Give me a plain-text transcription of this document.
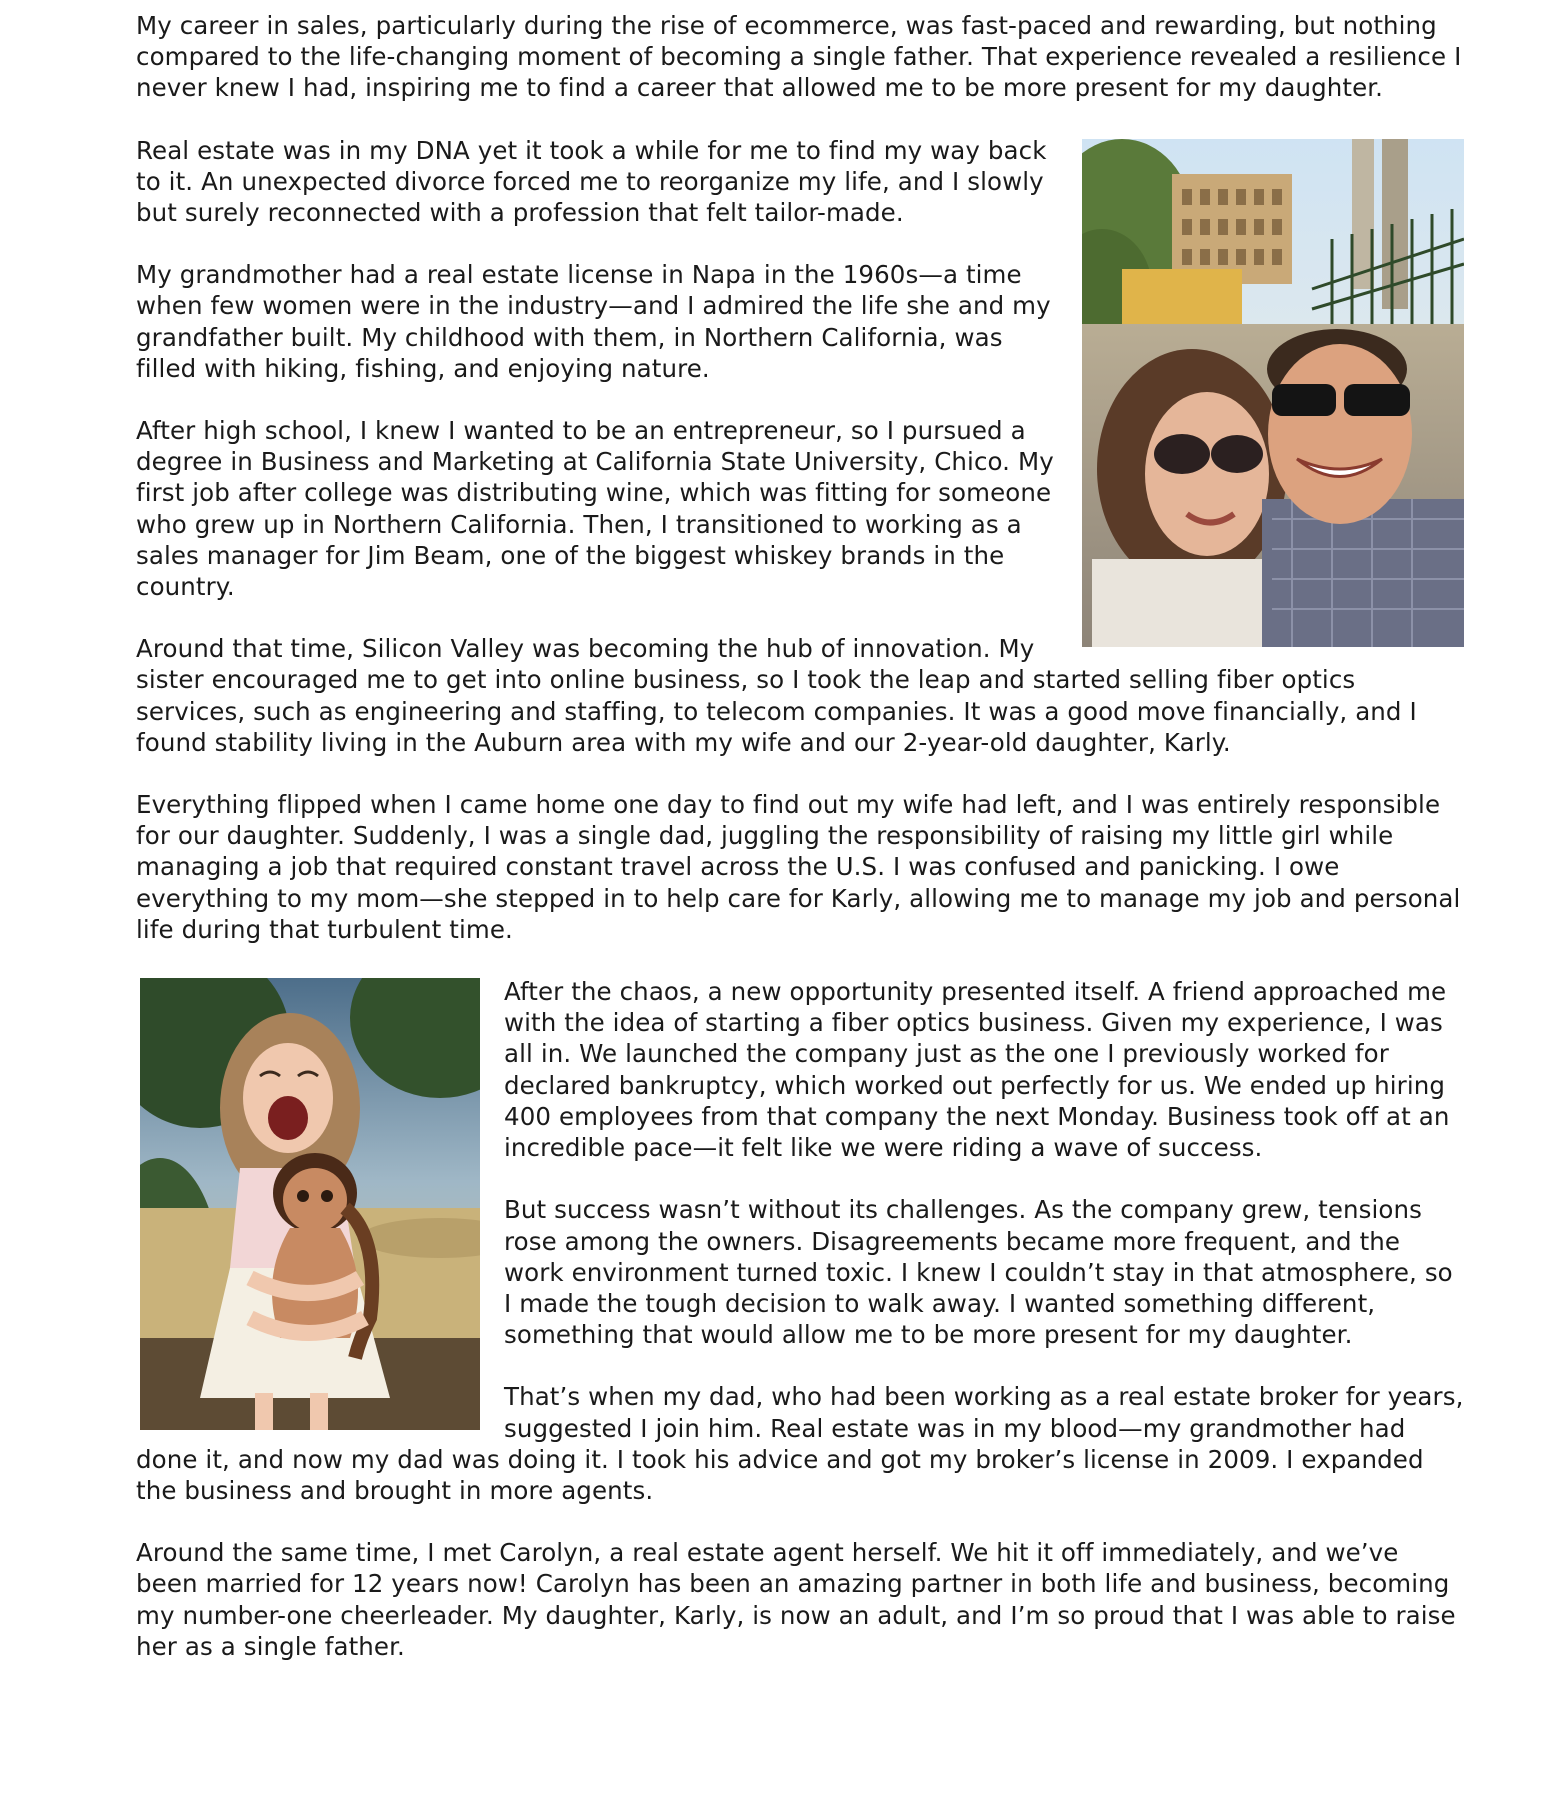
My career in sales, particularly during the rise of ecommerce, was fast-paced and rewarding, but nothing compared to the life-changing moment of becoming a single father. That experience revealed a resilience I never knew I had, inspiring me to find a career that allowed me to be more present for my daughter.

Real estate was in my DNA yet it took a while for me to find my way back to it. An unexpected divorce forced me to reorganize my life, and I slowly but surely reconnected with a profession that felt tailor-made.

My grandmother had a real estate license in Napa in the 1960s—a time when few women were in the industry—and I admired the life she and my grandfather built. My childhood with them, in Northern California, was filled with hiking, fishing, and enjoying nature.

After high school, I knew I wanted to be an entrepreneur, so I pursued a degree in Business and Marketing at California State University, Chico. My first job after college was distributing wine, which was fitting for someone who grew up in Northern California. Then, I transitioned to working as a sales manager for Jim Beam, one of the biggest whiskey brands in the country.

Around that time, Silicon Valley was becoming the hub of innovation. My sister encouraged me to get into online business, so I took the leap and started selling fiber optics services, such as engineering and staffing, to telecom companies. It was a good move financially, and I found stability living in the Auburn area with my wife and our 2-year-old daughter, Karly.

Everything flipped when I came home one day to find out my wife had left, and I was entirely responsible for our daughter. Suddenly, I was a single dad, juggling the responsibility of raising my little girl while managing a job that required constant travel across the U.S. I was confused and panicking. I owe everything to my mom—she stepped in to help care for Karly, allowing me to manage my job and personal life during that turbulent time.

After the chaos, a new opportunity presented itself. A friend approached me with the idea of starting a fiber optics business. Given my experience, I was all in. We launched the company just as the one I previously worked for declared bankruptcy, which worked out perfectly for us. We ended up hiring 400 employees from that company the next Monday. Business took off at an incredible pace—it felt like we were riding a wave of success.

But success wasn’t without its challenges. As the company grew, tensions rose among the owners. Disagreements became more frequent, and the work environment turned toxic. I knew I couldn’t stay in that atmosphere, so I made the tough decision to walk away. I wanted something different, something that would allow me to be more present for my daughter.

That’s when my dad, who had been working as a real estate broker for years, suggested I join him. Real estate was in my blood—my grandmother had done it, and now my dad was doing it. I took his advice and got my broker’s license in 2009. I expanded the business and brought in more agents.

Around the same time, I met Carolyn, a real estate agent herself. We hit it off immediately, and we’ve been married for 12 years now! Carolyn has been an amazing partner in both life and business, becoming my number-one cheerleader. My daughter, Karly, is now an adult, and I’m so proud that I was able to raise her as a single father.
